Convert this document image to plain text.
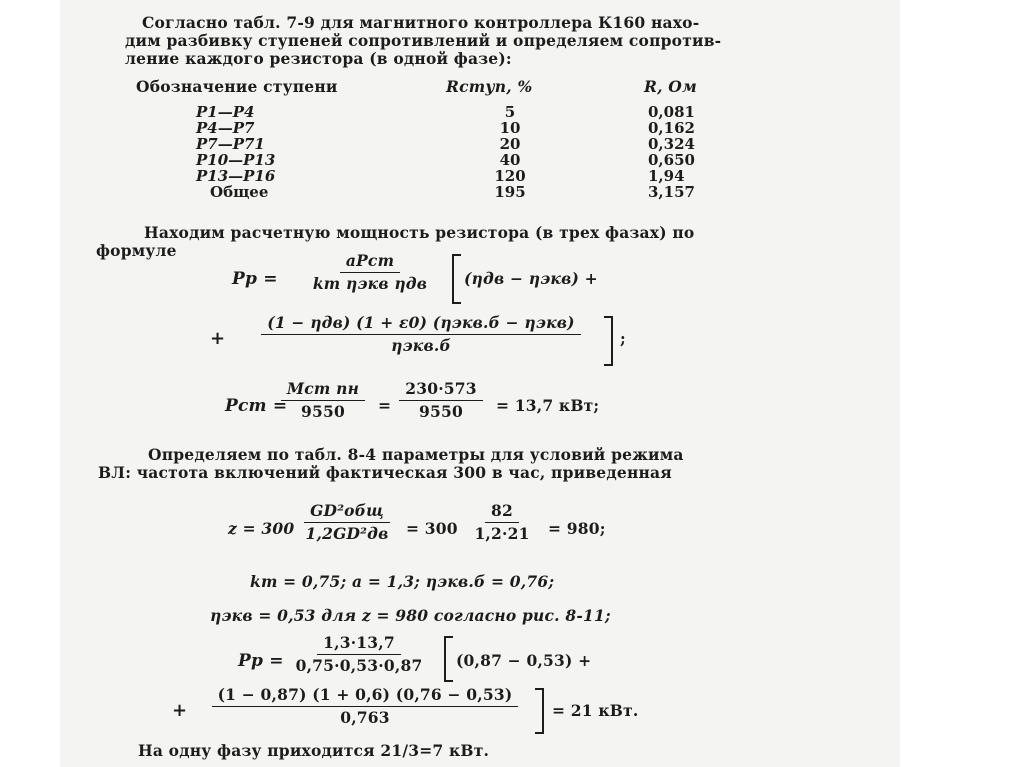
Согласно табл. 7-9 для магнитного контроллера К160 нахо-
дим разбивку ступеней сопротивлений и определяем сопротив-
ление каждого резистора (в одной фазе):
Обозначение ступени	Rступ, %	R, Ом
Р1—Р4
Р4—Р7
Р7—Р71
Р10—Р13
Р13—Р16
Общее
5
10
20
40
120
195
0,081
0,162
0,324
0,650
1,94
3,157
Находим расчетную мощность резистора (в трех фазах) по
формуле
Pр = $\frac{\text{aPст}}{\text{kт ηэкв ηдв}} (\eta дв - \eta экв)$ +
+ $\frac{\text{(1 − ηдв) (1 + ε0) (ηэкв.б − ηэкв)}}{\text{ηэкв.б}}$ ;
Pст =
$\frac{\text{Mст nн}}{9550} = \frac{230\cdot 573}{9550} = 13,7$ кВт;
Определяем по табл. 8-4 параметры для условий режима
ВЛ: частота включений фактическая 300 в час, приведенная
$z = 300 \frac{\text{GD²общ}}{\text{1,2GD²дв}} = 300 \frac{82}{1,2\cdot 21} = 980$;
kт = 0,75; a = 1,3; ηэкв.б = 0,76;
ηэкв = 0,53 для z = 980 согласно рис. 8-11;
Pр = $\frac{1,3\cdot 13,7}{0,75\cdot 0,53\cdot 0,87} (0,87 - 0,53)$ +
+ $\frac{(1 - 0,87) (1 + 0,6) (0,76 - 0,53)}{0,763} = 21$ кВт.
На одну фазу приходится 21/3=7 кВт.
